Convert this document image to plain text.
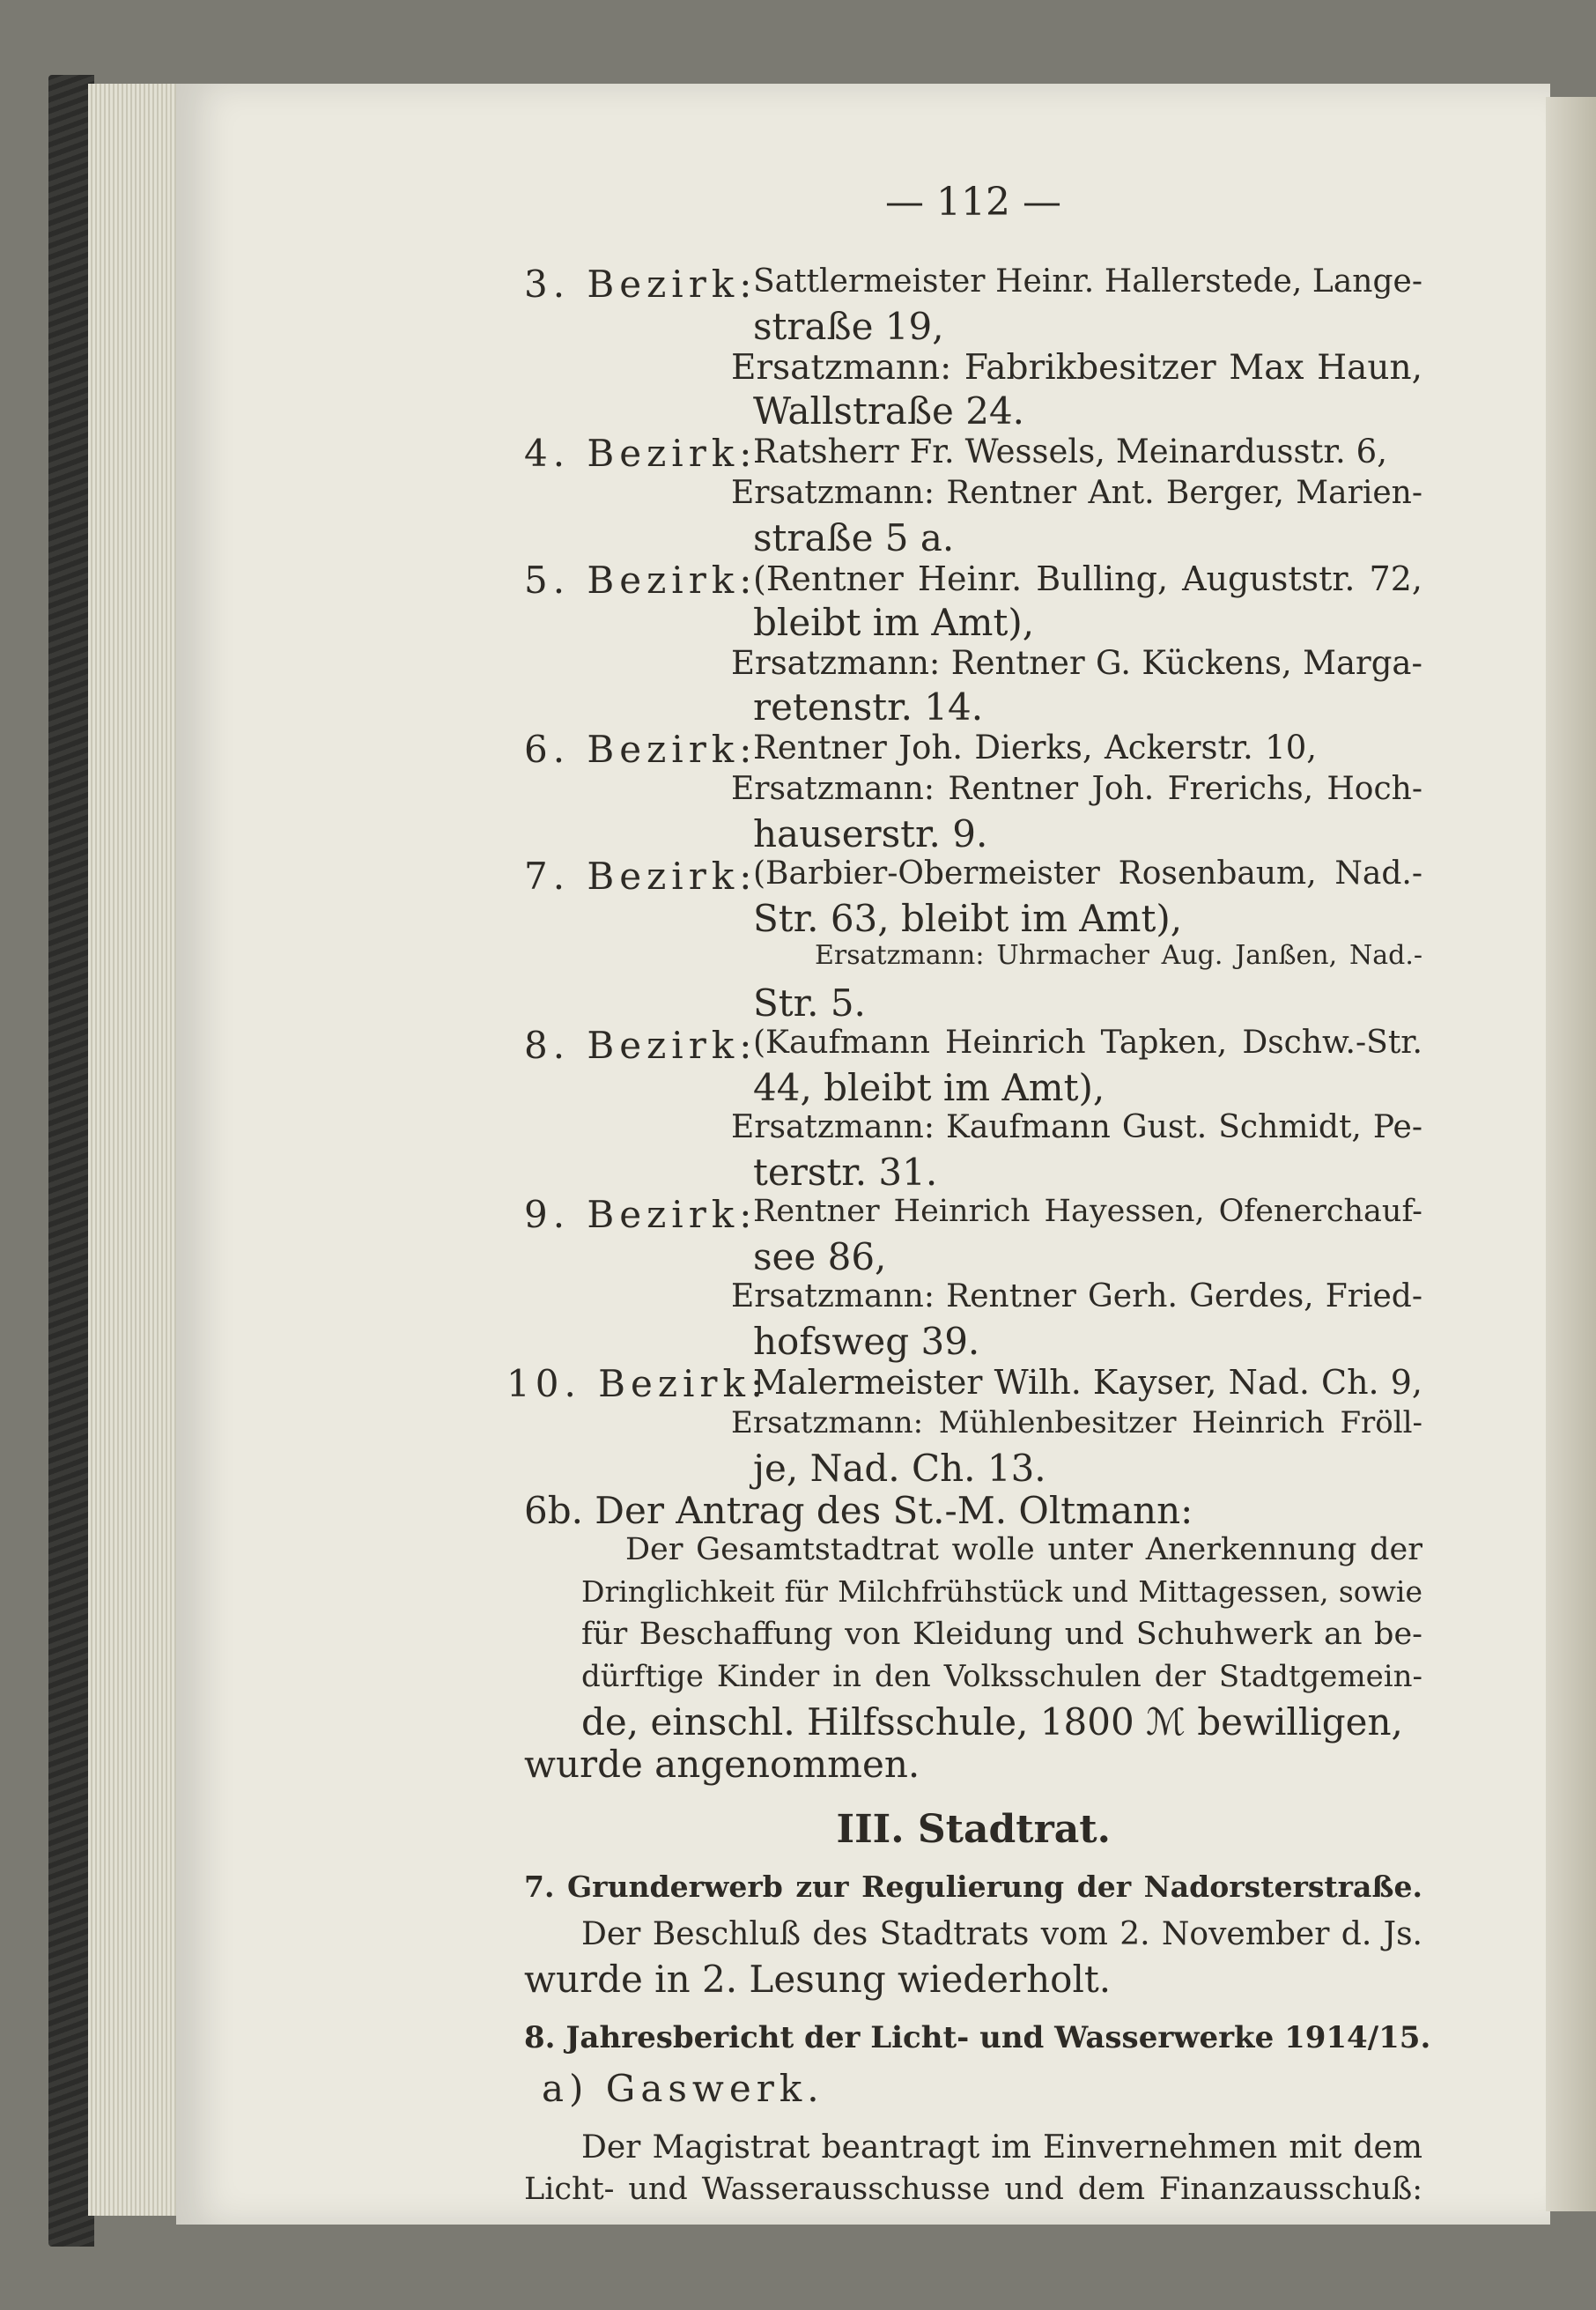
— 112 —
3. Bezirk:
Sattlermeister Heinr. Hallerstede, Lange-
straße 19,
Ersatzmann: Fabrikbesitzer Max Haun,
Wallstraße 24.
4. Bezirk:
Ratsherr Fr. Wessels, Meinardusstr. 6,
Ersatzmann: Rentner Ant. Berger, Marien-
straße 5 a.
5. Bezirk:
(Rentner Heinr. Bulling, Auguststr. 72,
bleibt im Amt),
Ersatzmann: Rentner G. Kückens, Marga-
retenstr. 14.
6. Bezirk:
Rentner Joh. Dierks, Ackerstr. 10,
Ersatzmann: Rentner Joh. Frerichs, Hoch-
hauserstr. 9.
7. Bezirk:
(Barbier-Obermeister Rosenbaum, Nad.-
Str. 63, bleibt im Amt),
Ersatzmann: Uhrmacher Aug. Janßen, Nad.-
Str. 5.
8. Bezirk:
(Kaufmann Heinrich Tapken, Dschw.-Str.
44, bleibt im Amt),
Ersatzmann: Kaufmann Gust. Schmidt, Pe-
terstr. 31.
9. Bezirk:
Rentner Heinrich Hayessen, Ofenerchauf-
see 86,
Ersatzmann: Rentner Gerh. Gerdes, Fried-
hofsweg 39.
10. Bezirk:
Malermeister Wilh. Kayser, Nad. Ch. 9,
Ersatzmann: Mühlenbesitzer Heinrich Fröll-
je, Nad. Ch. 13.
6b. Der Antrag des St.-M. Oltmann:
Der Gesamtstadtrat wolle unter Anerkennung der
Dringlichkeit für Milchfrühstück und Mittagessen, sowie
für Beschaffung von Kleidung und Schuhwerk an be-
dürftige Kinder in den Volksschulen der Stadtgemein-
de, einschl. Hilfsschule, 1800 ℳ bewilligen,
wurde angenommen.
III. Stadtrat.
7. Grunderwerb zur Regulierung der Nadorsterstraße.
Der Beschluß des Stadtrats vom 2. November d. Js.
wurde in 2. Lesung wiederholt.
8. Jahresbericht der Licht- und Wasserwerke 1914/15.
a) Gaswerk.
Der Magistrat beantragt im Einvernehmen mit dem
Licht- und Wasserausschusse und dem Finanzausschuß:
